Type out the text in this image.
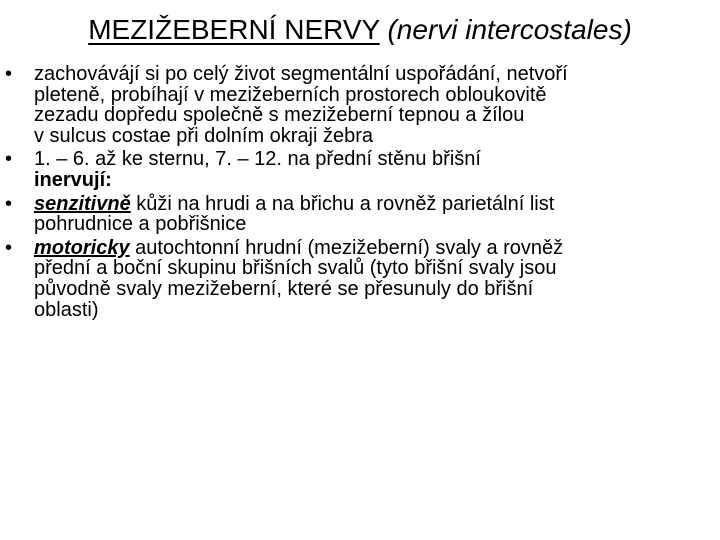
MEZIŽEBERNÍ NERVY (nervi intercostales)
•	zachovávájí si po celý život segmentální uspořádání, netvoří
pleteně, probíhají v mezižeberních prostorech obloukovitě
zezadu dopředu společně s mezižeberní tepnou a žílou
v sulcus costae při dolním okraji žebra
•	1. – 6. až ke sternu, 7. – 12. na přední stěnu břišní
inervují:
•	senzitivně kůži na hrudi a na břichu a rovněž parietální list
pohrudnice a pobřišnice
•	motoricky autochtonní hrudní (mezižeberní) svaly a rovněž
přední a boční skupinu břišních svalů (tyto břišní svaly jsou
původně svaly mezižeberní, které se přesunuly do břišní
oblasti)
